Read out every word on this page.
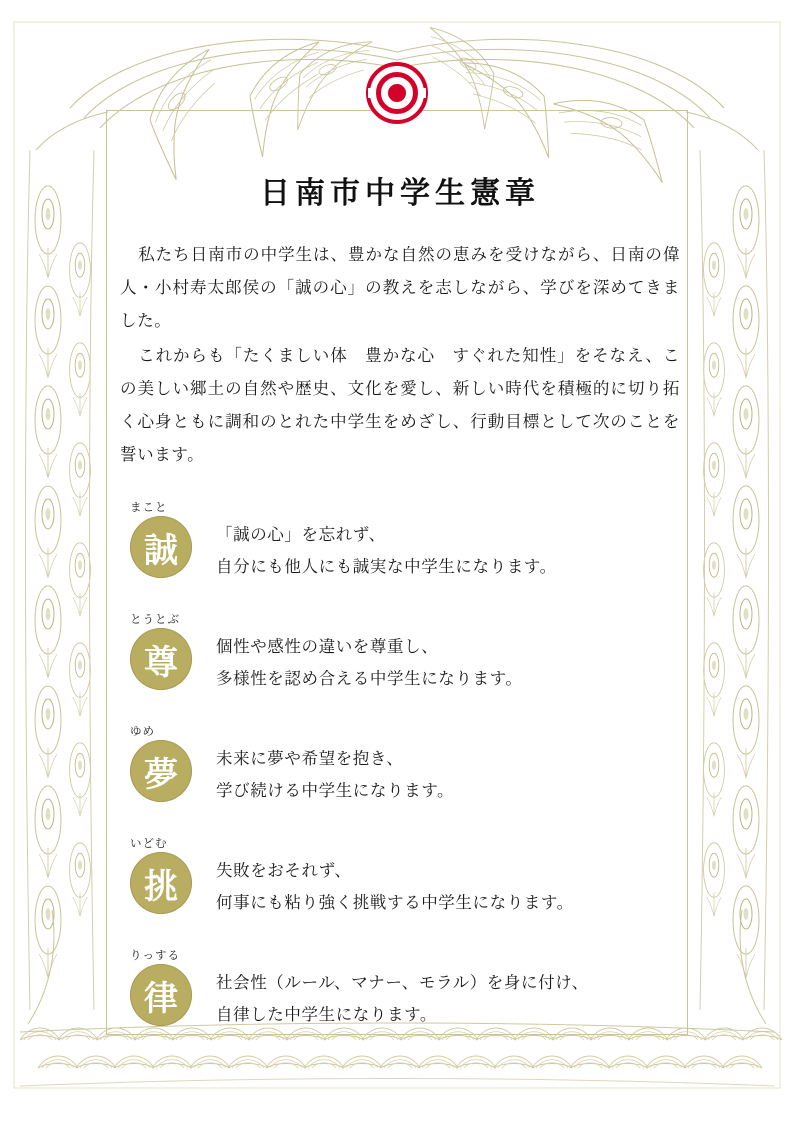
日南市中学生憲章

私たち日南市の中学生は、豊かな自然の恵みを受けながら、日南の偉人・小村寿太郎侯の「誠の心」の教えを志しながら、学びを深めてきました。

これからも「たくましい体　豊かな心　すぐれた知性」をそなえ、この美しい郷土の自然や歴史、文化を愛し、新しい時代を積極的に切り拓く心身ともに調和のとれた中学生をめざし、行動目標として次のことを誓います。

まこと
誠	「誠の心」を忘れず、
自分にも他人にも誠実な中学生になります。
とうとぶ
尊	個性や感性の違いを尊重し、
多様性を認め合える中学生になります。
ゆめ
夢	未来に夢や希望を抱き、
学び続ける中学生になります。
いどむ
挑	失敗をおそれず、
何事にも粘り強く挑戦する中学生になります。
りっする
律	社会性（ルール、マナー、モラル）を身に付け、
自律した中学生になります。
